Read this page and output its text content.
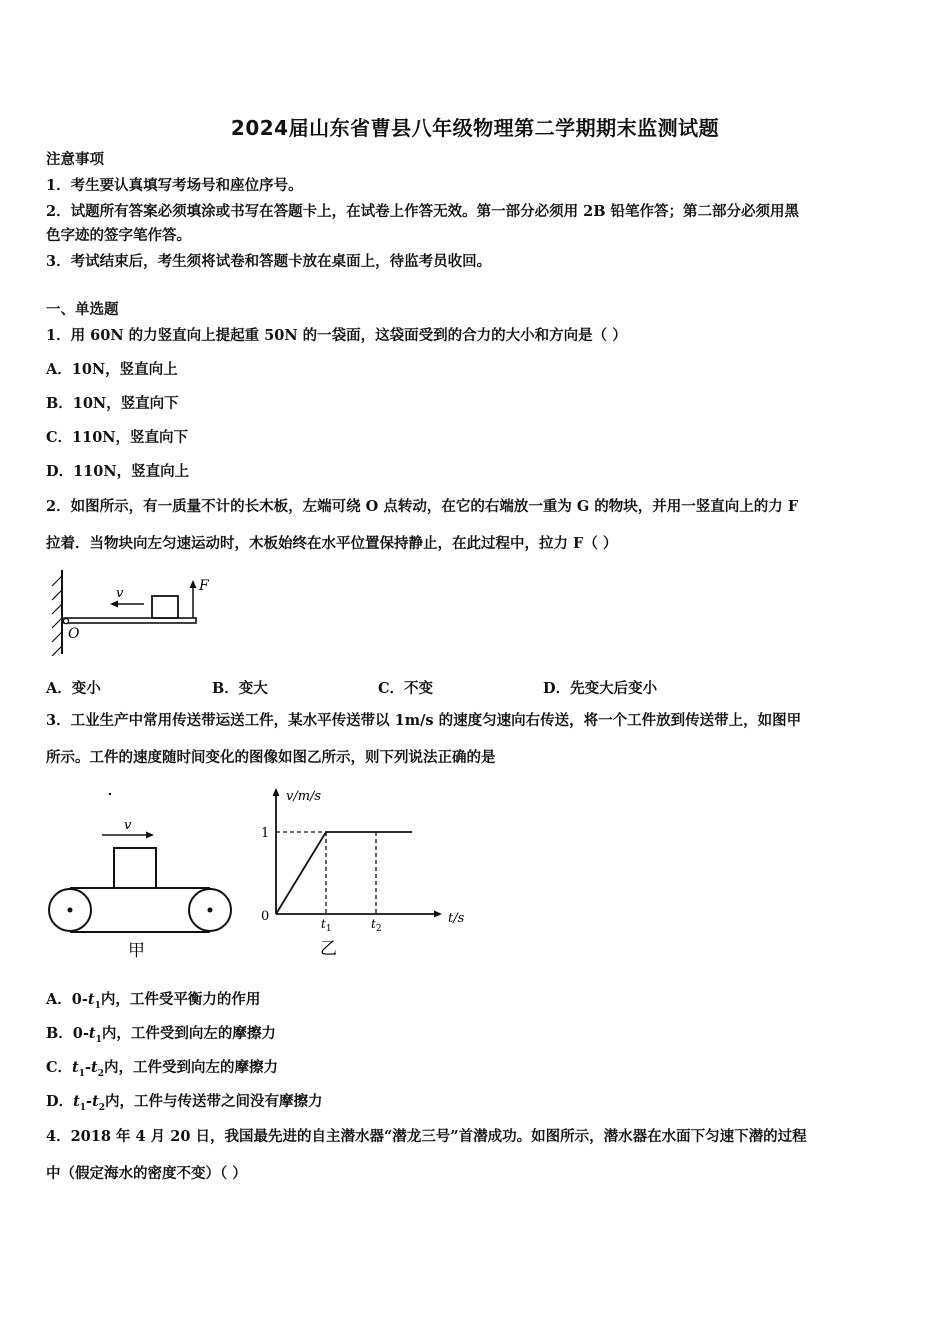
2024届山东省曹县八年级物理第二学期期末监测试题
注意事项
1．考生要认真填写考场号和座位序号。
2．试题所有答案必须填涂或书写在答题卡上，在试卷上作答无效。第一部分必须用 2B 铅笔作答；第二部分必须用黑
色字迹的签字笔作答。
3．考试结束后，考生须将试卷和答题卡放在桌面上，待监考员收回。
一、单选题
1．用 60N 的力竖直向上提起重 50N 的一袋面，这袋面受到的合力的大小和方向是（ ）
A．10N，竖直向上
B．10N，竖直向下
C．110N，竖直向下
D．110N，竖直向上
2．如图所示，有一质量不计的长木板，左端可绕 O 点转动，在它的右端放一重为 G 的物块，并用一竖直向上的力 F
拉着．当物块向左匀速运动时，木板始终在水平位置保持静止，在此过程中，拉力 F（ ）
O
v	F
A．变小	B．变大	C．不变	D．先变大后变小
3．工业生产中常用传送带运送工件，某水平传送带以 1m/s 的速度匀速向右传送，将一个工件放到传送带上，如图甲
所示。工件的速度随时间变化的图像如图乙所示，则下列说法正确的是
v
甲
v/m/s
t/s
1
0	$t_1$	$t_2$
乙
A．$0-t_1$内，工件受平衡力的作用
B．$0-t_1$内，工件受到向左的摩擦力
C．$t_1-t_2$内，工件受到向左的摩擦力
D．$t_1-t_2$内，工件与传送带之间没有摩擦力
4．2018 年 4 月 20 日，我国最先进的自主潜水器“潜龙三号”首潜成功。如图所示，潜水器在水面下匀速下潜的过程
中（假定海水的密度不变）（ ）
